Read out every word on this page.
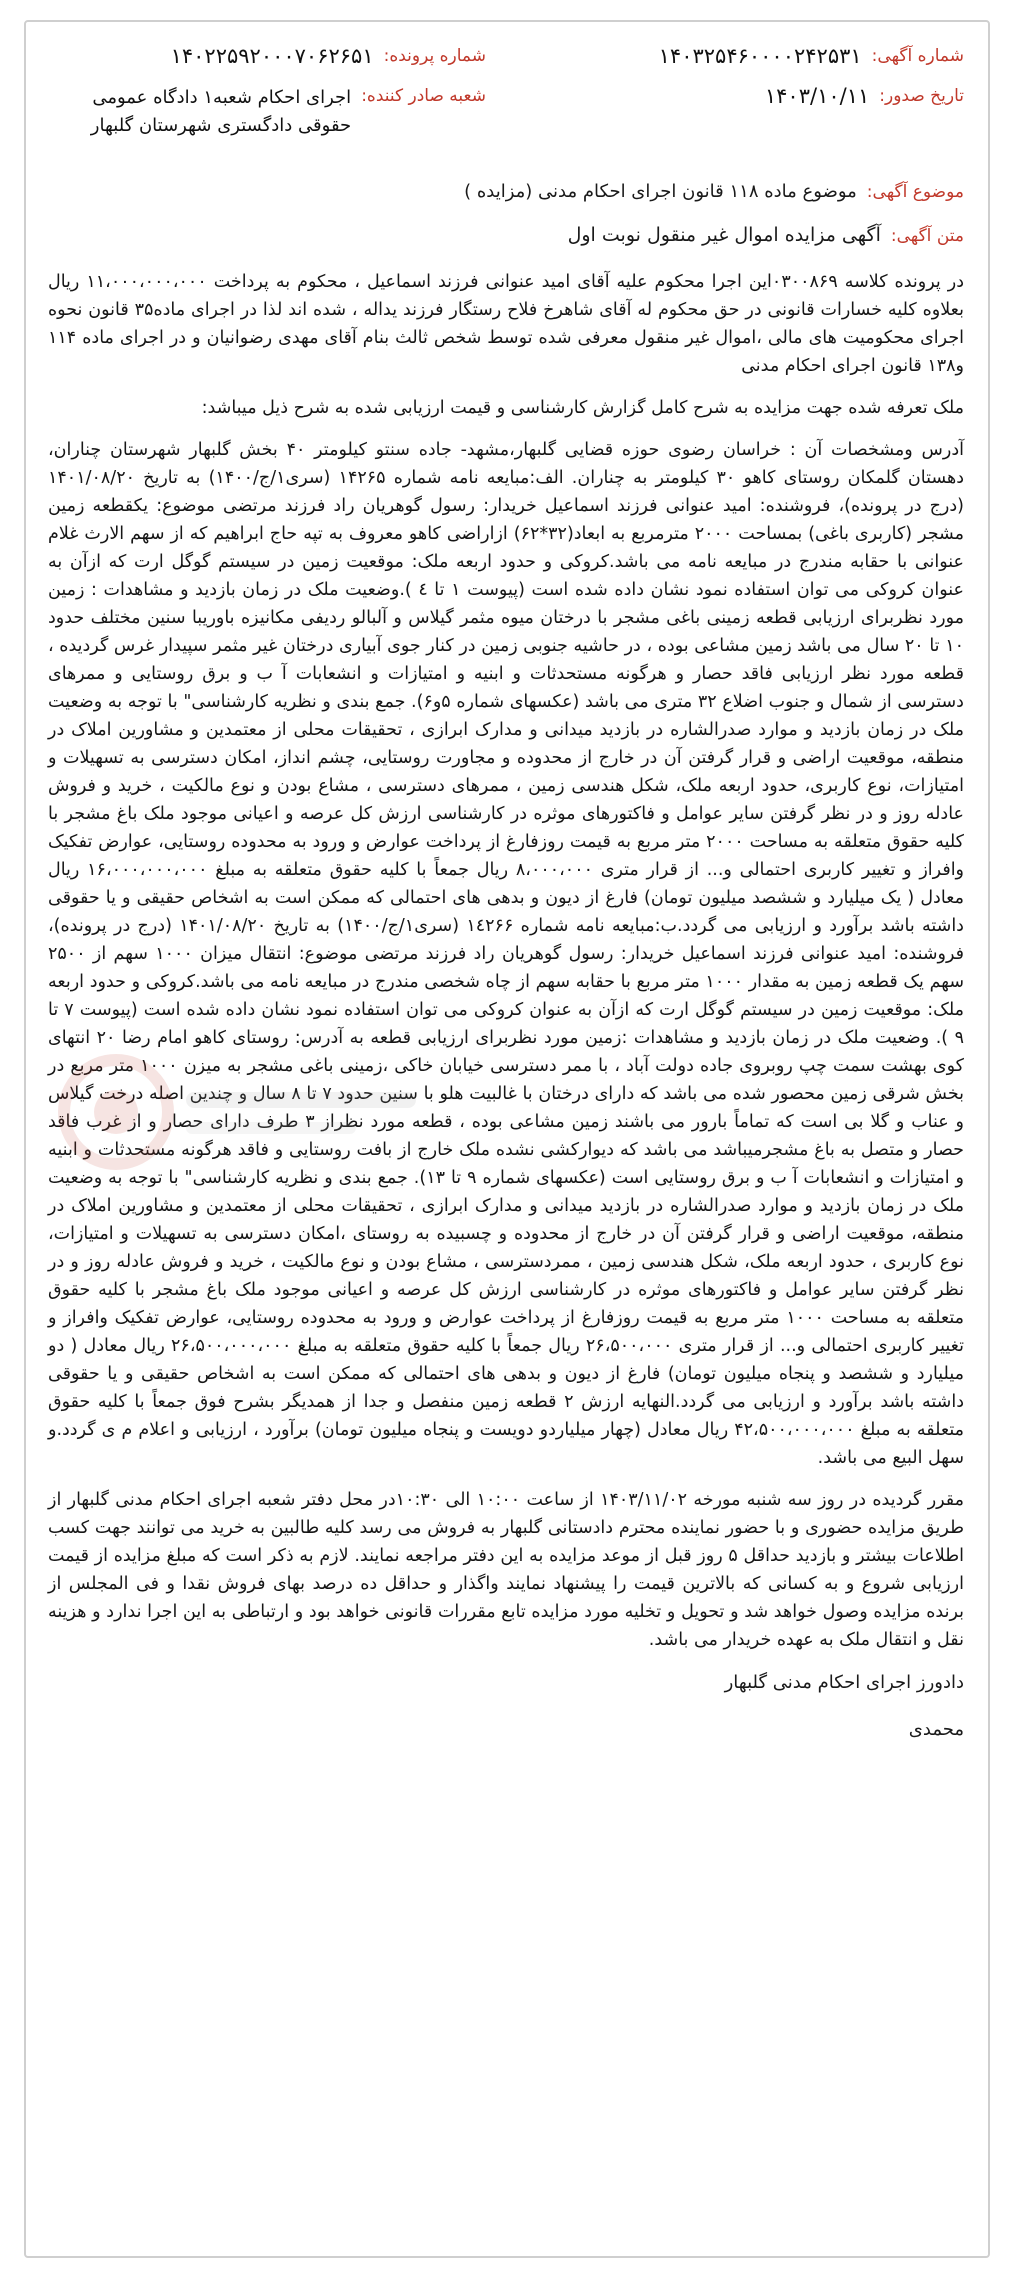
شماره آگهی:
۱۴۰۳۲۵۴۶۰۰۰۰۲۴۲۵۳۱
شماره پرونده:
۱۴۰۲۲۵۹۲۰۰۰۷۰۶۲۶۵۱
تاریخ صدور:
۱۴۰۳/۱۰/۱۱
شعبه صادر کننده:
اجرای احکام شعبه۱ دادگاه عمومی حقوقی دادگستری شهرستان گلبهار
موضوع آگهی:
موضوع ماده ۱۱۸ قانون اجرای احکام مدنی (مزایده )
متن آگهی:
آگهی مزایده اموال غیر منقول نوبت اول

در پرونده کلاسه ۰۳۰۰۸۶۹اين اجرا محکوم علیه آقای امید عنوانی فرزند اسماعیل ، محکوم به پرداخت ۱۱،۰۰۰،۰۰۰،۰۰۰ ریال بعلاوه کلیه خسارات قانونی در حق محکوم له آقای شاهرخ فلاح رستگار فرزند یداله ، شده اند لذا در اجرای ماده۳۵ قانون نحوه اجرای محکومیت های مالی ،اموال غیر منقول معرفی شده توسط شخص ثالث بنام آقای مهدی رضوانیان و در اجرای ماده ۱۱۴ و۱۳۸ قانون اجرای احکام مدنی

ملک تعرفه شده جهت مزایده به شرح کامل گزارش کارشناسی و قیمت ارزیابی شده به شرح ذیل میباشد:

آدرس ومشخصات آن : خراسان رضوی حوزه قضایی گلبهار،مشهد- جاده سنتو کیلومتر ۴۰ بخش گلبهار شهرستان چناران، دهستان گلمکان روستای کاهو ۳۰ کیلومتر به چناران. الف:مبایعه نامه شماره ۱۴۲۶۵ (سری۱/ج/۱۴۰۰) به تاریخ ۱۴۰۱/۰۸/۲۰ (درج در پرونده)، فروشنده: امید عنوانی فرزند اسماعیل خریدار: رسول گوهریان راد فرزند مرتضی موضوع: یکقطعه زمین مشجر (کاربری باغی) بمساحت ۲۰۰۰ مترمربع به ابعاد(۳۲*۶۲) ازاراضی کاهو معروف به تپه حاج ابراهیم که از سهم الارث غلام عنوانی با حقابه مندرج در مبایعه نامه می باشد.کروکی و حدود اربعه ملک: موقعیت زمین در سیستم گوگل ارت که ازآن به عنوان کروکی می توان استفاده نمود نشان داده شده است (پیوست ۱ تا ٤ ).وضعیت ملک در زمان بازدید و مشاهدات : زمین مورد نظربرای ارزیابی قطعه زمینی باغی مشجر با درختان میوه مثمر گیلاس و آلبالو ردیفی مکانیزه باوریبا سنین مختلف حدود ۱۰ تا ۲۰ سال می باشد زمین مشاعی بوده ، در حاشیه جنوبی زمین در کنار جوی آبیاری درختان غیر مثمر سپیدار غرس گردیده ، قطعه مورد نظر ارزیابی فاقد حصار و هرگونه مستحدثات و ابنیه و امتیازات و انشعابات آ ب و برق روستایی و ممرهای دسترسی از شمال و جنوب اضلاع ۳۲ متری می باشد (عکسهای شماره ۵و۶). جمع بندی و نظریه کارشناسی" با توجه به وضعیت ملک در زمان بازدید و موارد صدرالشاره در بازدید میدانی و مدارک ابرازی ، تحقیقات محلی از معتمدین و مشاورین املاک در منطقه، موقعیت اراضی و قرار گرفتن آن در خارج از محدوده و مجاورت روستایی، چشم انداز، امکان دسترسی به تسهیلات و امتیازات، نوع کاربری، حدود اربعه ملک، شکل هندسی زمین ، ممرهای دسترسی ، مشاع بودن و نوع مالکیت ، خرید و فروش عادله روز و در نظر گرفتن سایر عوامل و فاکتورهای موثره در کارشناسی ارزش کل عرصه و اعیانی موجود ملک باغ مشجر با کلیه حقوق متعلقه به مساحت ۲۰۰۰ متر مربع به قیمت روزفارغ از پرداخت عوارض و ورود به محدوده روستایی، عوارض تفکیک وافراز و تغییر کاربری احتمالی و... از قرار متری ۸،۰۰۰،۰۰۰ ریال جمعاً با کلیه حقوق متعلقه به مبلغ ۱۶،۰۰۰،۰۰۰،۰۰۰ ریال معادل ( یک میلیارد و ششصد میلیون تومان) فارغ از دیون و بدهی های احتمالی که ممکن است به اشخاص حقیقی و یا حقوقی داشته باشد برآورد و ارزیابی می گردد.ب:مبایعه نامه شماره ۱٤۲۶۶ (سری۱/ج/۱۴۰۰) به تاریخ ۱۴۰۱/۰۸/۲۰ (درج در پرونده)، فروشنده: امید عنوانی فرزند اسماعیل خریدار: رسول گوهریان راد فرزند مرتضی موضوع: انتقال میزان ۱۰۰۰ سهم از ۲۵۰۰ سهم یک قطعه زمین به مقدار ۱۰۰۰ متر مربع با حقابه سهم از چاه شخصی مندرج در مبایعه نامه می باشد.کروکی و حدود اربعه ملک: موقعیت زمین در سیستم گوگل ارت که ازآن به عنوان کروکی می توان استفاده نمود نشان داده شده است (پیوست ۷ تا ۹ ). وضعیت ملک در زمان بازدید و مشاهدات :زمین مورد نظربرای ارزیابی قطعه به آدرس: روستای کاهو امام رضا ۲۰ انتهای کوی بهشت سمت چپ روبروی جاده دولت آباد ، با ممر دسترسی خیابان خاکی ،زمینی باغی مشجر به میزن ۱۰۰۰ متر مربع در بخش شرقی زمین محصور شده می باشد که دارای درختان با غالبیت هلو با سنین حدود ۷ تا ۸ سال و چندین اصله درخت گیلاس و عناب و گلا بی است که تماماً بارور می باشند زمین مشاعی بوده ، قطعه مورد نظراز ۳ طرف دارای حصار و از غرب فاقد حصار و متصل به باغ مشجرمیباشد می باشد که دیوارکشی نشده ملک خارج از بافت روستایی و فاقد هرگونه مستحدثات و ابنیه و امتیازات و انشعابات آ ب و برق روستایی است (عکسهای شماره ۹ تا ۱۳). جمع بندی و نظریه کارشناسی" با توجه به وضعیت ملک در زمان بازدید و موارد صدرالشاره در بازدید میدانی و مدارک ابرازی ، تحقیقات محلی از معتمدین و مشاورین املاک در منطقه، موقعیت اراضی و قرار گرفتن آن در خارج از محدوده و چسبیده به روستای ،امکان دسترسی به تسهیلات و امتیازات، نوع کاربری ، حدود اربعه ملک، شکل هندسی زمین ، ممردسترسی ، مشاع بودن و نوع مالکیت ، خرید و فروش عادله روز و در نظر گرفتن سایر عوامل و فاکتورهای موثره در کارشناسی ارزش کل عرصه و اعیانی موجود ملک باغ مشجر با کلیه حقوق متعلقه به مساحت ۱۰۰۰ متر مربع به قیمت روزفارغ از پرداخت عوارض و ورود به محدوده روستایی، عوارض تفکیک وافراز و تغییر کاربری احتمالی و... از قرار متری ۲۶،۵۰۰،۰۰۰ ریال جمعاً با کلیه حقوق متعلقه به مبلغ ۲۶،۵۰۰،۰۰۰،۰۰۰ ریال معادل ( دو میلیارد و ششصد و پنجاه میلیون تومان) فارغ از دیون و بدهی های احتمالی که ممکن است به اشخاص حقیقی و یا حقوقی داشته باشد برآورد و ارزیابی می گردد.النهایه ارزش ۲ قطعه زمین منفصل و جدا از همدیگر بشرح فوق جمعاً با کلیه حقوق متعلقه به مبلغ ۴۲،۵۰۰،۰۰۰،۰۰۰ ریال معادل (چهار میلیاردو دویست و پنجاه میلیون تومان) برآورد ، ارزیابی و اعلام م ی گردد.و سهل البیع می باشد.

مقرر گردیده در روز سه شنبه مورخه ۱۴۰۳/۱۱/۰۲ از ساعت ۱۰:۰۰ الی ۱۰:۳۰در محل دفتر شعبه اجرای احکام مدنی گلبهار از طریق مزایده حضوری و با حضور نماینده محترم دادستانی گلبهار به فروش می رسد کلیه طالبین به خرید می توانند جهت کسب اطلاعات بیشتر و بازدید حداقل ۵ روز قبل از موعد مزایده به این دفتر مراجعه نمایند. لازم به ذکر است که مبلغ مزایده از قیمت ارزیابی شروع و به کسانی که بالاترین قیمت را پیشنهاد نمایند واگذار و حداقل ده درصد بهای فروش نقدا و فی المجلس از برنده مزایده وصول خواهد شد و تحویل و تخلیه مورد مزایده تابع مقررات قانونی خواهد بود و ارتباطی به این اجرا ندارد و هزینه نقل و انتقال ملک به عهده خریدار می باشد.

دادورز اجرای احکام مدنی گلبهار
محمدی
